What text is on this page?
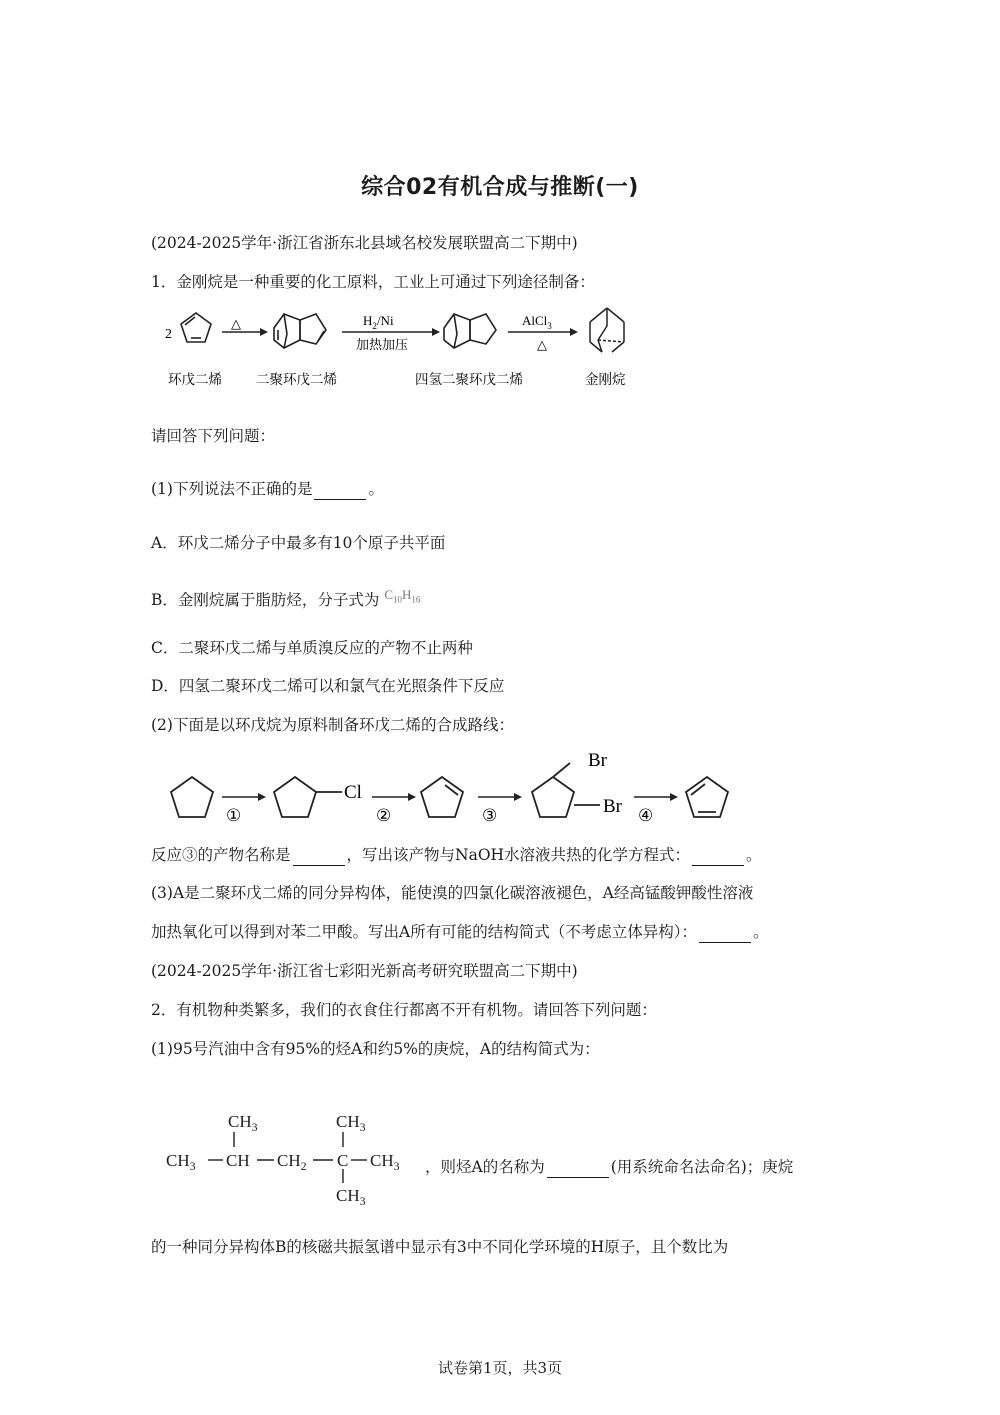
综合02有机合成与推断(一)
(2024-2025学年·浙江省浙东北县域名校发展联盟高二下期中)
1．金刚烷是一种重要的化工原料，工业上可通过下列途径制备：
2
△	$H_2/Ni$
加热加压
AlCl$_3$
△
环戊二烯	二聚环戊二烯	四氢二聚环戊二烯	金刚烷
请回答下列问题：
(1)下列说法不正确的是	。
A．环戊二烯分子中最多有10个原子共平面
B．金刚烷属于脂肪烃，分子式为 $C_{10}H_{16}$
C．二聚环戊二烯与单质溴反应的产物不止两种
D．四氢二聚环戊二烯可以和氯气在光照条件下反应
(2)下面是以环戊烷为原料制备环戊二烯的合成路线：
①
Cl
②	③
Br
Br ④
反应③的产物名称是	，写出该产物与NaOH水溶液共热的化学方程式：	。
(3)A是二聚环戊二烯的同分异构体，能使溴的四氯化碳溶液褪色，A经高锰酸钾酸性溶液
加热氧化可以得到对苯二甲酸。写出A所有可能的结构简式（不考虑立体异构）：	。
(2024-2025学年·浙江省七彩阳光新高考研究联盟高二下期中)
2．有机物种类繁多，我们的衣食住行都离不开有机物。请回答下列问题：
(1)95号汽油中含有95%的烃A和约5%的庚烷，A的结构简式为：
$CH_3$	$CH_3$
$CH_3$ CH $CH_2$ C $CH_3$
$CH_3$
，则烃A的名称为	(用系统命名法命名)；庚烷
的一种同分异构体B的核磁共振氢谱中显示有3中不同化学环境的H原子，且个数比为
试卷第1页，共3页
